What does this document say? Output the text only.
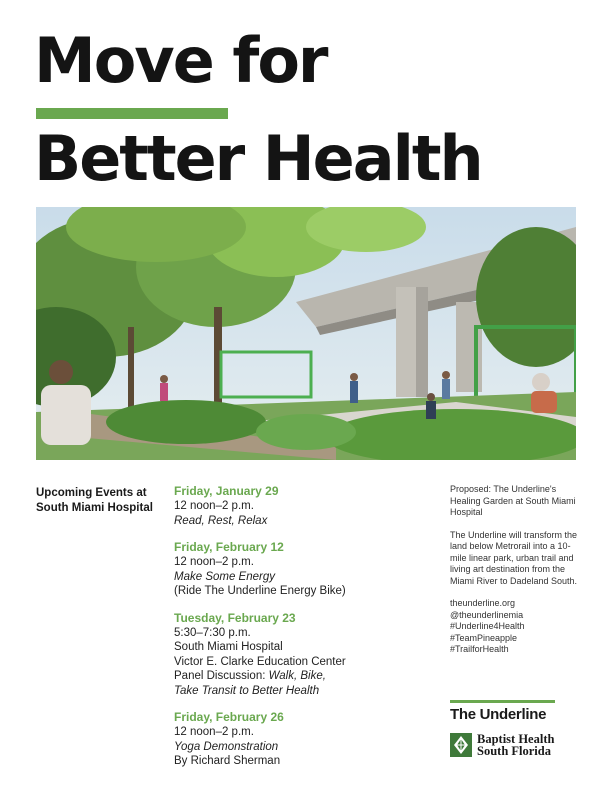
Move for
Better Health
Upcoming Events at South Miami Hospital
Friday, January 29
12 noon–2 p.m.
Read, Rest, Relax
Friday, February 12
12 noon–2 p.m.
Make Some Energy
(Ride The Underline Energy Bike)
Tuesday, February 23
5:30–7:30 p.m.
South Miami Hospital
Victor E. Clarke Education Center
Panel Discussion: Walk, Bike,
Take Transit to Better Health
Friday, February 26
12 noon–2 p.m.
Yoga Demonstration
By Richard Sherman

Proposed: The Underline's Healing Garden at South Miami Hospital

The Underline will transform the land below Metrorail into a 10-mile linear park, urban trail and living art destination from the Miami River to Dadeland South.

theunderline.org
@theunderlinemia
#Underline4Health
#TeamPineapple
#TrailforHealth
The Underline
Baptist Health
South Florida
